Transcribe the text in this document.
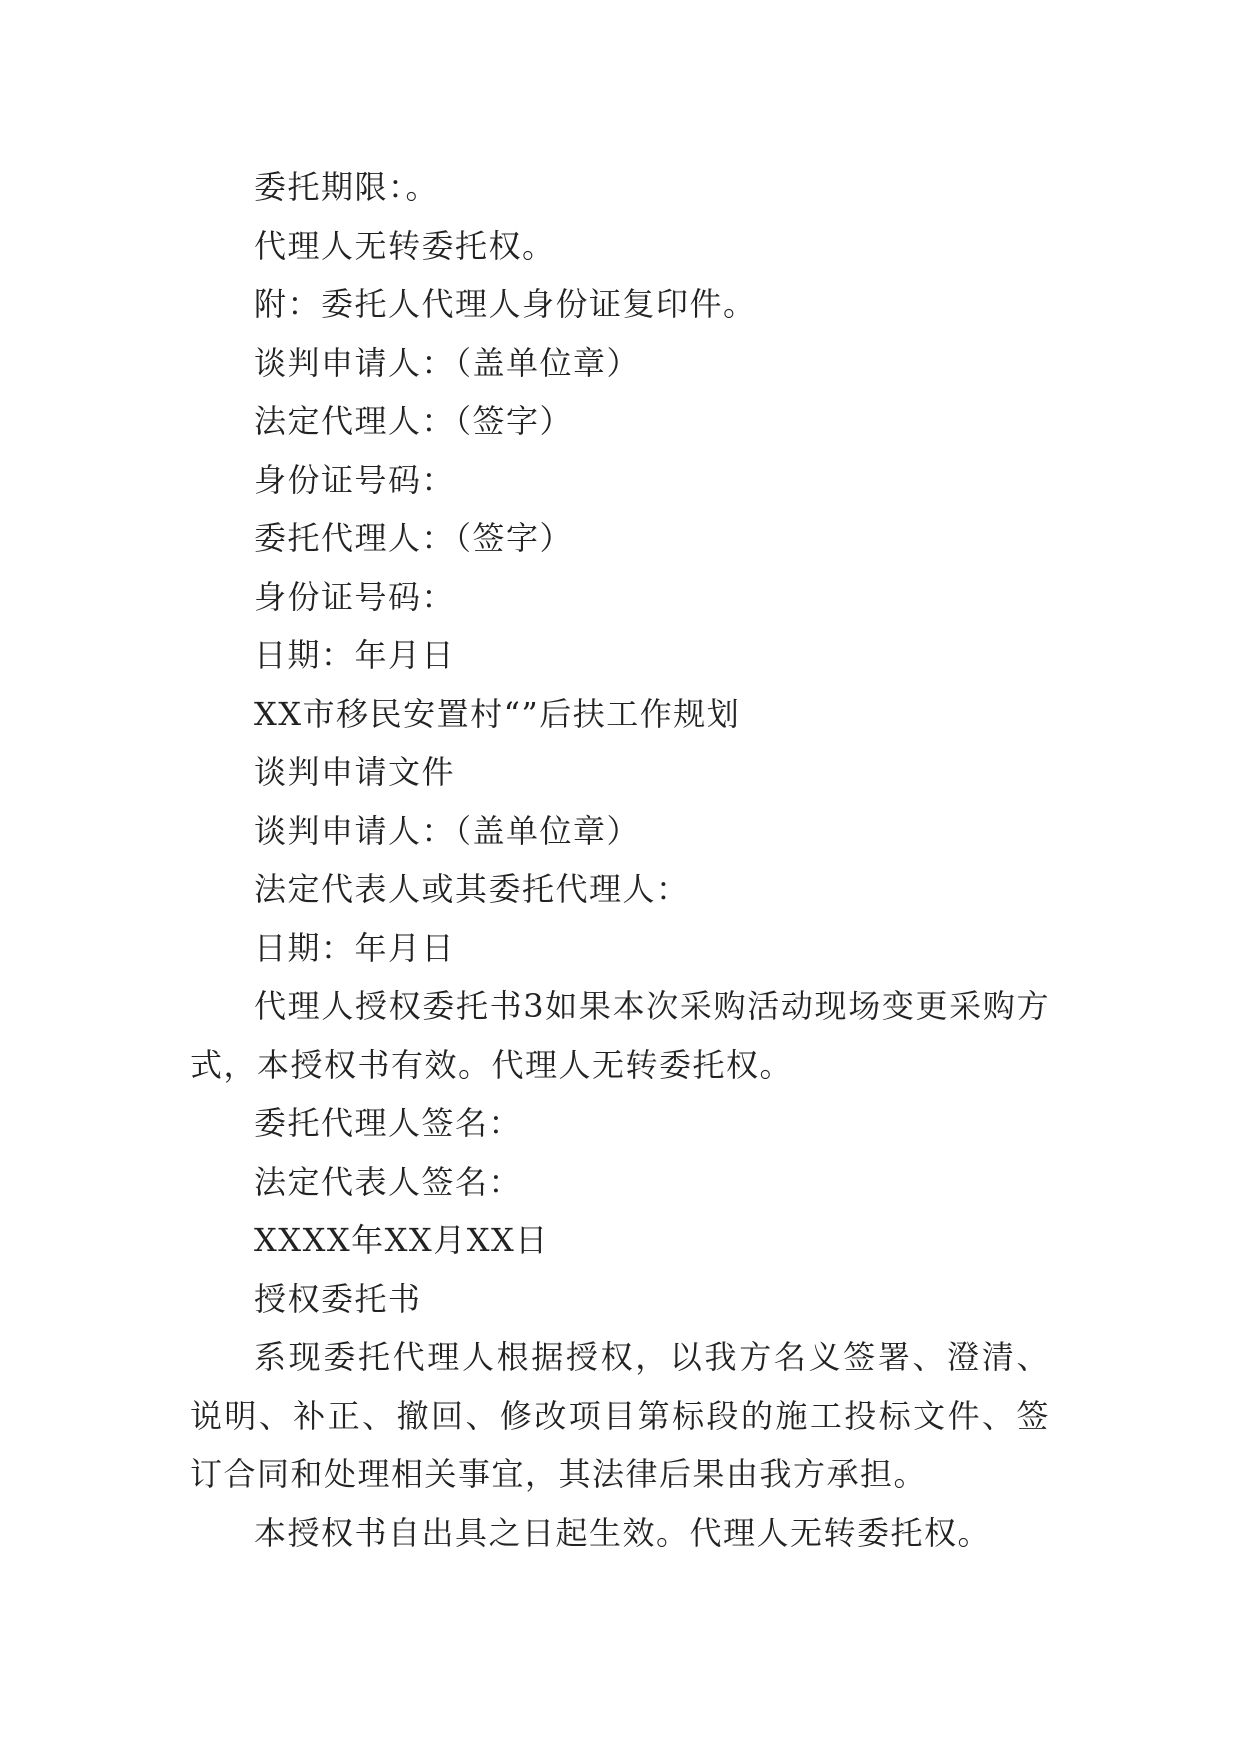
委托期限：。

代理人无转委托权。

附：委托人代理人身份证复印件。

谈判申请人：（盖单位章）

法定代理人：（签字）

身份证号码：

委托代理人：（签字）

身份证号码：

日期：年月日

XX市移民安置村“”后扶工作规划

谈判申请文件

谈判申请人：（盖单位章）

法定代表人或其委托代理人：

日期：年月日

代理人授权委托书3如果本次采购活动现场变更采购方式，本授权书有效。代理人无转委托权。

委托代理人签名：

法定代表人签名：

XXXX年XX月XX日

授权委托书

系现委托代理人根据授权，以我方名义签署、澄清、说明、补正、撤回、修改项目第标段的施工投标文件、签订合同和处理相关事宜，其法律后果由我方承担。

本授权书自出具之日起生效。代理人无转委托权。
